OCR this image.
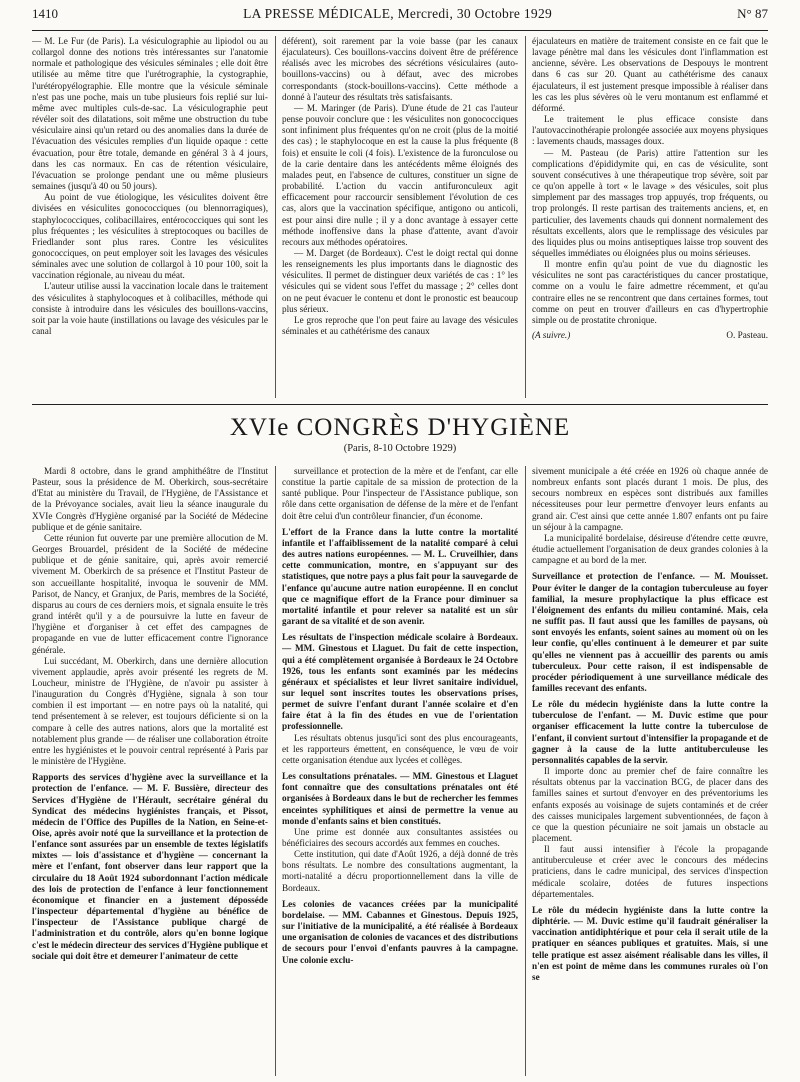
1410	LA PRESSE MÉDICALE, Mercredi, 30 Octobre 1929	N° 87

— M. Le Fur (de Paris). La vésiculographie au lipiodol ou au collargol donne des notions très intéressantes sur l'anatomie normale et pathologique des vésicules séminales ; elle doit être utilisée au même titre que l'urétrographie, la cystographie, l'urétéropyélographie. Elle montre que la vésicule séminale n'est pas une poche, mais un tube plusieurs fois replié sur lui-même avec multiples culs-de-sac. La vésiculographie peut révéler soit des dilatations, soit même une obstruction du tube vésiculaire ainsi qu'un retard ou des anomalies dans la durée de l'évacuation des vésicules remplies d'un liquide opaque : cette évacuation, pour être totale, demande en général 3 à 4 jours, dans les cas normaux. En cas de rétention vésiculaire, l'évacuation se prolonge pendant une ou même plusieurs semaines (jusqu'à 40 ou 50 jours).

Au point de vue étiologique, les vésiculites doivent être divisées en vésiculites gonococciques (ou blennorragiques), staphylococciques, colibacillaires, entérococciques qui sont les plus fréquentes ; les vésiculites à streptocoques ou bacilles de Friedlander sont plus rares. Contre les vésiculites gonococciques, on peut employer soit les lavages des vésicules séminales avec une solution de collargol à 10 pour 100, soit la vaccination régionale, au niveau du méat.

L'auteur utilise aussi la vaccination locale dans le traitement des vésiculites à staphylocoques et à colibacilles, méthode qui consiste à introduire dans les vésicules des bouillons-vaccins, soit par la voie haute (instillations ou lavage des vésicules par le canal

déférent), soit rarement par la voie basse (par les canaux éjaculateurs). Ces bouillons-vaccins doivent être de préférence réalisés avec les microbes des sécrétions vésiculaires (auto-bouillons-vaccins) ou à défaut, avec des microbes correspondants (stock-bouillons-vaccins). Cette méthode a donné à l'auteur des résultats très satisfaisants.

— M. Maringer (de Paris). D'une étude de 21 cas l'auteur pense pouvoir conclure que : les vésiculites non gonococciques sont infiniment plus fréquentes qu'on ne croit (plus de la moitié des cas) ; le staphylocoque en est la cause la plus fréquente (8 fois) et ensuite le coli (4 fois). L'existence de la furonculose ou de la carie dentaire dans les antécédents même éloignés des malades peut, en l'absence de cultures, constituer un signe de probabilité. L'action du vaccin antifuronculeux agit efficacement pour raccourcir sensiblement l'évolution de ces cas, alors que la vaccination spécifique, antigono ou anticoli, est pour ainsi dire nulle ; il y a donc avantage à essayer cette méthode inoffensive dans la phase d'attente, avant d'avoir recours aux méthodes opératoires.

— M. Darget (de Bordeaux). C'est le doigt rectal qui donne les renseignements les plus importants dans le diagnostic des vésiculites. Il permet de distinguer deux variétés de cas : 1° les vésicules qui se vident sous l'effet du massage ; 2° celles dont on ne peut évacuer le contenu et dont le pronostic est beaucoup plus sérieux.

Le gros reproche que l'on peut faire au lavage des vésicules séminales et au cathétérisme des canaux

éjaculateurs en matière de traitement consiste en ce fait que le lavage pénètre mal dans les vésicules dont l'inflammation est ancienne, sévère. Les observations de Despouys le montrent dans 6 cas sur 20. Quant au cathétérisme des canaux éjaculateurs, il est justement presque impossible à réaliser dans les cas les plus sévères où le veru montanum est enflammé et déformé.

Le traitement le plus efficace consiste dans l'autovaccinothérapie prolongée associée aux moyens physiques : lavements chauds, massages doux.

— M. Pasteau (de Paris) attire l'attention sur les complications d'épididymite qui, en cas de vésiculite, sont souvent consécutives à une thérapeutique trop sévère, soit par ce qu'on appelle à tort « le lavage » des vésicules, soit plus simplement par des massages trop appuyés, trop fréquents, ou trop prolongés. Il reste partisan des traitements anciens, et, en particulier, des lavements chauds qui donnent normalement des résultats excellents, alors que le remplissage des vésicules par des liquides plus ou moins antiseptiques laisse trop souvent des séquelles immédiates ou éloignées plus ou moins sérieuses.

Il montre enfin qu'au point de vue du diagnostic les vésiculites ne sont pas caractéristiques du cancer prostatique, comme on a voulu le faire admettre récemment, et qu'au contraire elles ne se rencontrent que dans certaines formes, tout comme on peut en trouver d'ailleurs en cas d'hypertrophie simple ou de prostatite chronique.

(A suivre.)	O. Pasteau.

XVIe CONGRÈS D'HYGIÈNE
(Paris, 8-10 Octobre 1929)

Mardi 8 octobre, dans le grand amphithéâtre de l'Institut Pasteur, sous la présidence de M. Oberkirch, sous-secrétaire d'Etat au ministère du Travail, de l'Hygiène, de l'Assistance et de la Prévoyance sociales, avait lieu la séance inaugurale du XVIe Congrès d'Hygiène organisé par la Société de Médecine publique et de génie sanitaire.

Cette réunion fut ouverte par une première allocution de M. Georges Brouardel, président de la Société de médecine publique et de génie sanitaire, qui, après avoir remercié vivement M. Oberkirch de sa présence et l'Institut Pasteur de son accueillante hospitalité, invoqua le souvenir de MM. Parisot, de Nancy, et Granjux, de Paris, membres de la Société, disparus au cours de ces derniers mois, et signala ensuite le très grand intérêt qu'il y a de poursuivre la lutte en faveur de l'hygiène et d'organiser à cet effet des campagnes de propagande en vue de lutter efficacement contre l'ignorance générale.

Lui succédant, M. Oberkirch, dans une dernière allocution vivement applaudie, après avoir présenté les regrets de M. Loucheur, ministre de l'Hygiène, de n'avoir pu assister à l'inauguration du Congrès d'Hygiène, signala à son tour combien il est important — en notre pays où la natalité, qui tend présentement à se relever, est toujours déficiente si on la compare à celle des autres nations, alors que la mortalité est notablement plus grande — de réaliser une collaboration étroite entre les hygiénistes et le pouvoir central représenté à Paris par le ministère de l'Hygiène.

Rapports des services d'hygiène avec la surveillance et la protection de l'enfance. — M. F. Bussière, directeur des Services d'Hygiène de l'Hérault, secrétaire général du Syndicat des médecins hygiénistes français, et Pissot, médecin de l'Office des Pupilles de la Nation, en Seine-et-Oise, après avoir noté que la surveillance et la protection de l'enfance sont assurées par un ensemble de textes législatifs mixtes — lois d'assistance et d'hygiène — concernant la mère et l'enfant, font observer dans leur rapport que la circulaire du 18 Août 1924 subordonnant l'action médicale des lois de protection de l'enfance à leur fonctionnement économique et financier en a justement déposséde l'inspecteur départemental d'hygiène au bénéfice de l'inspecteur de l'Assistance publique chargé de l'administration et du contrôle, alors qu'en bonne logique c'est le médecin directeur des services d'Hygiène publique et sociale qui doit être et demeurer l'animateur de cette

surveillance et protection de la mère et de l'enfant, car elle constitue la partie capitale de sa mission de protection de la santé publique. Pour l'inspecteur de l'Assistance publique, son rôle dans cette organisation de défense de la mère et de l'enfant doit être celui d'un contrôleur financier, d'un économe.

L'effort de la France dans la lutte contre la mortalité infantile et l'affaiblissement de la natalité comparé à celui des autres nations européennes. — M. L. Cruveilhier, dans cette communication, montre, en s'appuyant sur des statistiques, que notre pays a plus fait pour la sauvegarde de l'enfance qu'aucune autre nation européenne. Il en conclut que ce magnifique effort de la France pour diminuer sa mortalité infantile et pour relever sa natalité est un sûr garant de sa vitalité et de son avenir.

Les résultats de l'inspection médicale scolaire à Bordeaux. — MM. Ginestous et Llaguet. Du fait de cette inspection, qui a été complètement organisée à Bordeaux le 24 Octobre 1926, tous les enfants sont examinés par les médecins généraux et spécialistes et leur livret sanitaire individuel, sur lequel sont inscrites toutes les observations prises, permet de suivre l'enfant durant l'année scolaire et d'en faire état à la fin des études en vue de l'orientation professionnelle.

Les résultats obtenus jusqu'ici sont des plus encourageants, et les rapporteurs émettent, en conséquence, le vœu de voir cette organisation étendue aux lycées et collèges.

Les consultations prénatales. — MM. Ginestous et Llaguet font connaître que des consultations prénatales ont été organisées à Bordeaux dans le but de rechercher les femmes enceintes syphilitiques et ainsi de permettre la venue au monde d'enfants sains et bien constitués.

Une prime est donnée aux consultantes assistées ou bénéficiaires des secours accordés aux femmes en couches.

Cette institution, qui date d'Août 1926, a déjà donné de très bons résultats. Le nombre des consultations augmentant, la morti-natalité a décru proportionnellement dans la ville de Bordeaux.

Les colonies de vacances créées par la municipalité bordelaise. — MM. Cabannes et Ginestous. Depuis 1925, sur l'initiative de la municipalité, a été réalisée à Bordeaux une organisation de colonies de vacances et des distributions de secours pour l'envoi d'enfants pauvres à la campagne. Une colonie exclu-

sivement municipale a été créée en 1926 où chaque année de nombreux enfants sont placés durant 1 mois. De plus, des secours nombreux en espèces sont distribués aux familles nécessiteuses pour leur permettre d'envoyer leurs enfants au grand air. C'est ainsi que cette année 1.807 enfants ont pu faire un séjour à la campagne.

La municipalité bordelaise, désireuse d'étendre cette œuvre, étudie actuellement l'organisation de deux grandes colonies à la campagne et au bord de la mer.

Surveillance et protection de l'enfance. — M. Mouisset. Pour éviter le danger de la contagion tuberculeuse au foyer familial, la mesure prophylactique la plus efficace est l'éloignement des enfants du milieu contaminé. Mais, cela ne suffit pas. Il faut aussi que les familles de paysans, où sont envoyés les enfants, soient saines au moment où on les leur confie, qu'elles continuent à le demeurer et par suite qu'elles ne viennent pas à accueillir des parents ou amis tuberculeux. Pour cette raison, il est indispensable de procéder périodiquement à une surveillance médicale des familles recevant des enfants.

Le rôle du médecin hygiéniste dans la lutte contre la tuberculose de l'enfant. — M. Duvic estime que pour organiser efficacement la lutte contre la tuberculose de l'enfant, il convient surtout d'intensifier la propagande et de gagner à la cause de la lutte antituberculeuse les personnalités capables de la servir.

Il importe donc au premier chef de faire connaître les résultats obtenus par la vaccination BCG, de placer dans des familles saines et surtout d'envoyer en des préventoriums les enfants exposés au voisinage de sujets contaminés et de créer des caisses municipales largement subventionnées, de façon à ce que la question pécuniaire ne soit jamais un obstacle au placement.

Il faut aussi intensifier à l'école la propagande antituberculeuse et créer avec le concours des médecins praticiens, dans le cadre municipal, des services d'inspection médicale scolaire, dotées de futures inspections départementales.

Le rôle du médecin hygiéniste dans la lutte contre la diphtérie. — M. Duvic estime qu'il faudrait généraliser la vaccination antidiphtérique et pour cela il serait utile de la pratiquer en séances publiques et gratuites. Mais, si une telle pratique est assez aisément réalisable dans les villes, il n'en est point de même dans les communes rurales où l'on se
